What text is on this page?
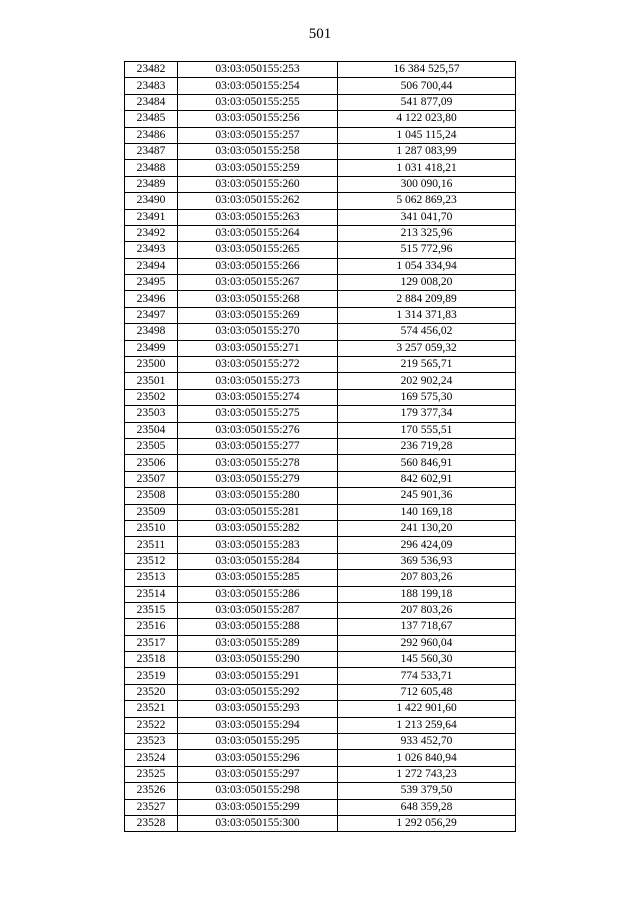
501
23482	03:03:050155:253	16 384 525,57
23483	03:03:050155:254	506 700,44
23484	03:03:050155:255	541 877,09
23485	03:03:050155:256	4 122 023,80
23486	03:03:050155:257	1 045 115,24
23487	03:03:050155:258	1 287 083,99
23488	03:03:050155:259	1 031 418,21
23489	03:03:050155:260	300 090,16
23490	03:03:050155:262	5 062 869,23
23491	03:03:050155:263	341 041,70
23492	03:03:050155:264	213 325,96
23493	03:03:050155:265	515 772,96
23494	03:03:050155:266	1 054 334,94
23495	03:03:050155:267	129 008,20
23496	03:03:050155:268	2 884 209,89
23497	03:03:050155:269	1 314 371,83
23498	03:03:050155:270	574 456,02
23499	03:03:050155:271	3 257 059,32
23500	03:03:050155:272	219 565,71
23501	03:03:050155:273	202 902,24
23502	03:03:050155:274	169 575,30
23503	03:03:050155:275	179 377,34
23504	03:03:050155:276	170 555,51
23505	03:03:050155:277	236 719,28
23506	03:03:050155:278	560 846,91
23507	03:03:050155:279	842 602,91
23508	03:03:050155:280	245 901,36
23509	03:03:050155:281	140 169,18
23510	03:03:050155:282	241 130,20
23511	03:03:050155:283	296 424,09
23512	03:03:050155:284	369 536,93
23513	03:03:050155:285	207 803,26
23514	03:03:050155:286	188 199,18
23515	03:03:050155:287	207 803,26
23516	03:03:050155:288	137 718,67
23517	03:03:050155:289	292 960,04
23518	03:03:050155:290	145 560,30
23519	03:03:050155:291	774 533,71
23520	03:03:050155:292	712 605,48
23521	03:03:050155:293	1 422 901,60
23522	03:03:050155:294	1 213 259,64
23523	03:03:050155:295	933 452,70
23524	03:03:050155:296	1 026 840,94
23525	03:03:050155:297	1 272 743,23
23526	03:03:050155:298	539 379,50
23527	03:03:050155:299	648 359,28
23528	03:03:050155:300	1 292 056,29
